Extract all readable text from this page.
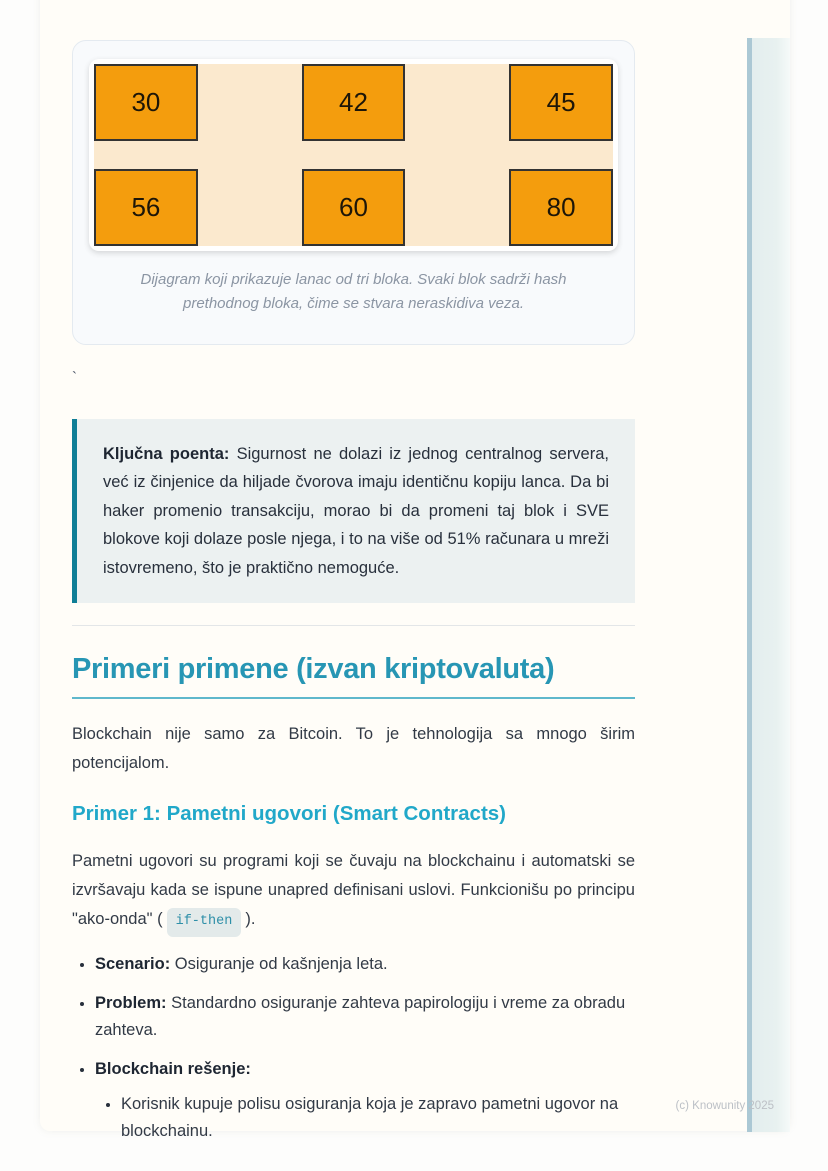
30	42	45
56	60	80
Dijagram koji prikazuje lanac od tri bloka. Svaki blok sadrži hash prethodnog bloka, čime se stvara neraskidiva veza.

`

Ključna poenta: Sigurnost ne dolazi iz jednog centralnog servera, već iz činjenice da hiljade čvorova imaju identičnu kopiju lanca. Da bi haker promenio transakciju, morao bi da promeni taj blok i SVE blokove koji dolaze posle njega, i to na više od 51% računara u mreži istovremeno, što je praktično nemoguće.

Primeri primene (izvan kriptovaluta)

Blockchain nije samo za Bitcoin. To je tehnologija sa mnogo širim potencijalom.

Primer 1: Pametni ugovori (Smart Contracts)

Pametni ugovori su programi koji se čuvaju na blockchainu i automatski se izvršavaju kada se ispune unapred definisani uslovi. Funkcionišu po principu "ako-onda" ( if-then ).

• Scenario: Osiguranje od kašnjenja leta.
• Problem: Standardno osiguranje zahteva papirologiju i vreme za obradu zahteva.
• Blockchain rešenje:
• Korisnik kupuje polisu osiguranja koja je zapravo pametni ugovor na blockchainu.
(c) Knowunity 2025
